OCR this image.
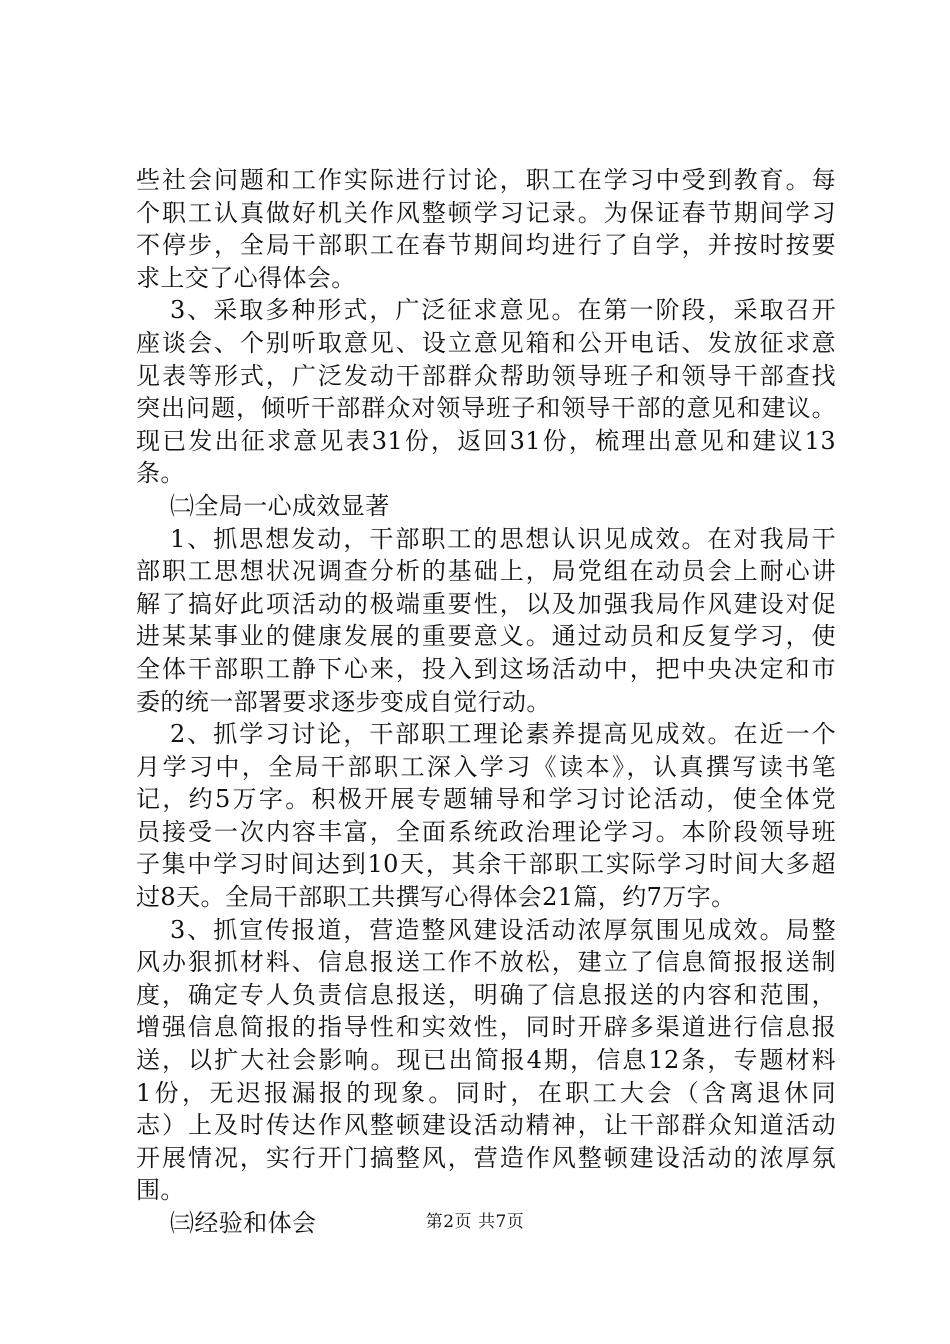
些社会问题和工作实际进行讨论，职工在学习中受到教育。每
个职工认真做好机关作风整顿学习记录。为保证春节期间学习
不停步，全局干部职工在春节期间均进行了自学，并按时按要
求上交了心得体会。
3、采取多种形式，广泛征求意见。在第一阶段，采取召开
座谈会、个别听取意见、设立意见箱和公开电话、发放征求意
见表等形式，广泛发动干部群众帮助领导班子和领导干部查找
突出问题，倾听干部群众对领导班子和领导干部的意见和建议。
现已发出征求意见表31份，返回31份，梳理出意见和建议13
条。
㈡全局一心成效显著
1、抓思想发动，干部职工的思想认识见成效。在对我局干
部职工思想状况调查分析的基础上，局党组在动员会上耐心讲
解了搞好此项活动的极端重要性，以及加强我局作风建设对促
进某某事业的健康发展的重要意义。通过动员和反复学习，使
全体干部职工静下心来，投入到这场活动中，把中央决定和市
委的统一部署要求逐步变成自觉行动。
2、抓学习讨论，干部职工理论素养提高见成效。在近一个
月学习中，全局干部职工深入学习《读本》，认真撰写读书笔
记，约5万字。积极开展专题辅导和学习讨论活动，使全体党
员接受一次内容丰富，全面系统政治理论学习。本阶段领导班
子集中学习时间达到10天，其余干部职工实际学习时间大多超
过8天。全局干部职工共撰写心得体会21篇，约7万字。
3、抓宣传报道，营造整风建设活动浓厚氛围见成效。局整
风办狠抓材料、信息报送工作不放松，建立了信息简报报送制
度，确定专人负责信息报送，明确了信息报送的内容和范围，
增强信息简报的指导性和实效性，同时开辟多渠道进行信息报
送，以扩大社会影响。现已出简报4期，信息12条，专题材料
1份，无迟报漏报的现象。同时，在职工大会（含离退休同
志）上及时传达作风整顿建设活动精神，让干部群众知道活动
开展情况，实行开门搞整风，营造作风整顿建设活动的浓厚氛
围。
㈢经验和体会	第2页 共7页
